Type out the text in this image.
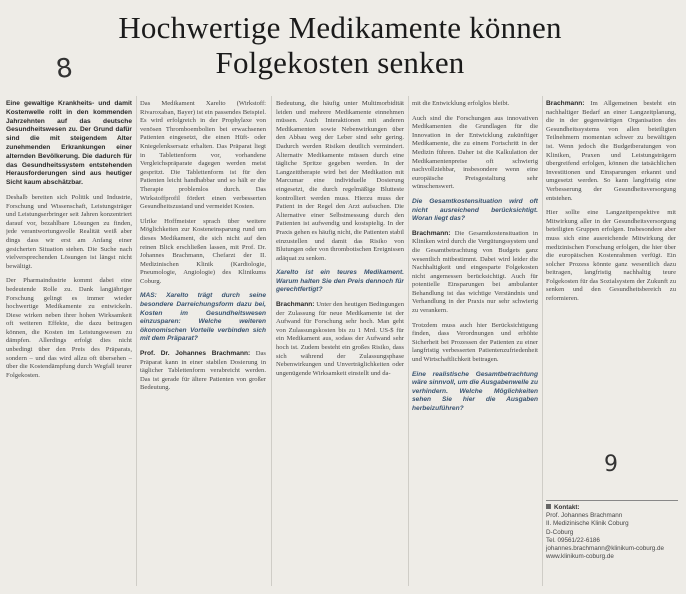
Hochwertige Medikamente können Folgekosten senken
8

Eine gewaltige Krankheits- und damit Kostenwelle rollt in den kommenden Jahrzehnten auf das deutsche Gesundheitswesen zu. Der Grund dafür sind die mit steigendem Alter zunehmenden Erkrankungen einer alternden Bevölkerung. Die dadurch für das Gesundheitssystem entstehenden Herausforderungen sind aus heutiger Sicht kaum abschätzbar.

Deshalb bereiten sich Politik und Industrie, Forschung und Wissenschaft, Leistungsträger und Leistungserbringer seit Jahren konzentriert darauf vor, bezahlbare Lösungen zu finden, jede verantwortungsvolle Realität weiß aber dings dass wir erst am Anfang einer gesicherten Situation stehen. Die Suche nach vielversprechenden Lösungen ist längst nicht bewältigt.

Der Pharmaindustrie kommt dabei eine bedeutende Rolle zu. Dank langjähriger Forschung gelingt es immer wieder hochwertige Medikamente zu entwickeln. Diese wirken neben ihrer hohen Wirksamkeit oft weiteren Effekte, die dazu beitragen können, die Kosten im Leistungswesen zu dämpfen. Allerdings erfolgt dies nicht unbedingt über den Preis des Präparats, sondern – und das wird allzu oft übersehen – über die Kostendämpfung durch Wegfall teurer Folgekosten.

Das Medikament Xarelto (Wirkstoff: Rivaroxaban, Bayer) ist ein passendes Beispiel. Es wird erfolgreich in der Prophylaxe von venösen Thromboembolien bei erwachsenen Patienten eingesetzt, die einen Hüft- oder Kniegelenksersatz erhalten. Das Präparat liegt in Tablettenform vor, vorhandene Vergleichspräparate dagegen werden meist gespritzt. Die Tablettenform ist für den Patienten leicht handhabbar und so hält er die Therapie problemlos durch. Das Wirkstoffprofil fördert einen verbesserten Gesundheitszustand und vermeidet Kosten.

Ulrike Hoffmeister sprach über weitere Möglichkeiten zur Kosteneinsparung rund um dieses Medikament, die sich nicht auf den reinen Blick erschließen lassen, mit Prof. Dr. Johannes Brachmann, Chefarzt der II. Medizinischen Klinik (Kardiologie, Pneumologie, Angiologie) des Klinikums Coburg.

MAS: Xarelto trägt durch seine besondere Darreichungsform dazu bei, Kosten im Gesundheitswesen einzusparen: Welche weiteren ökonomischen Vorteile verbinden sich mit dem Präparat?

Prof. Dr. Johannes Brachmann: Das Präparat kann in einer stabilen Dosierung in täglicher Tablettenform verabreicht werden. Das ist gerade für ältere Patienten von großer Bedeutung.

Bedeutung, die häufig unter Multimorbidität leiden und mehrere Medikamente einnehmen müssen. Auch Interaktionen mit anderen Medikamenten sowie Nebenwirkungen über den Abbau weg der Leber sind sehr gering. Dadurch werden Risiken deutlich vermindert. Alternativ Medikamente müssen durch eine tägliche Spritze gegeben werden. In der Langzeittherapie wird bei der Medikation mit Marcumar eine individuelle Dosierung eingesetzt, die durch regelmäßige Blutteste kontrolliert werden muss. Hierzu muss der Patient in der Regel den Arzt aufsuchen. Die Alternative einer Selbstmessung durch den Patienten ist aufwendig und kostspielig. In der Praxis gehen es häufig nicht, die Patienten stabil einzustellen und damit das Risiko von Blutungen oder von thrombotischen Ereignissen adäquat zu senken.

Xarelto ist ein teures Medikament. Warum halten Sie den Preis dennoch für gerechtfertigt?

Brachmann: Unter den heutigen Bedingungen der Zulassung für neue Medikamente ist der Aufwand für Forschung sehr hoch. Man geht von Zulassungskosten bis zu 1 Mrd. US-$ für ein Medikament aus, sodass der Aufwand sehr hoch ist. Zudem besteht ein großes Risiko, dass sich während der Zulassungsphase Nebenwirkungen und Unverträglichkeiten oder ungenügende Wirksamkeit einstellt und da-

mit die Entwicklung erfolglos bleibt.

Auch sind die Forschungen aus innovativen Medikamenten die Grundlagen für die Innovation in der Entwicklung zukünftiger Medikamente, die zu einem Fortschritt in der Medizin führen. Daher ist die Kalkulation der Medikamentenpreise oft schwierig nachvollziehbar, insbesondere wenn eine europäische Preisgestaltung sehr wünschenswert.

Die Gesamtkostensituation wird oft nicht ausreichend berücksichtigt. Woran liegt das?

Brachmann: Die Gesamtkostensituation in Kliniken wird durch die Vergütungssystem und die Gesamtbetrachtung von Budgets ganz wesentlich mitbestimmt. Dabei wird leider die Nachhaltigkeit und eingesparte Folgekosten nicht angemessen berücksichtigt. Auch für potentielle Einsparungen bei ambulanter Behandlung ist das wichtige Verständnis und Verhandlung in der Praxis nur sehr schwierig zu verankern.

Trotzdem muss auch hier Berücksichtigung finden, dass Verordnungen und erhöhte Sicherheit bei Prozessen der Patienten zu einer langfristig verbesserten Patientenzufriedenheit und Wirtschaftlichkeit beitragen.

Eine realistische Gesamtbetrachtung wäre sinnvoll, um die Ausgabenwelle zu verhindern. Welche Möglichkeiten sehen Sie hier die Ausgaben herbeizuführen?

Brachmann: Im Allgemeinen besteht ein nachhaltiger Bedarf an einer Langzeitplanung, die in der gegenwärtigen Organisation des Gesundheitssystems von allen beteiligten Teilnehmern momentan schwer zu bewältigen ist. Wenn jedoch die Budgetberatungen von Kliniken, Praxen und Leistungsträgern übergreifend erfolgen, können die tatsächlichen Investitionen und Einsparungen erkannt und umgesetzt werden. So kann langfristig eine Verbesserung der Gesundheitsversorgung entstehen.

Hier sollte eine Langzeitperspektive mit Mitwirkung aller in der Gesundheitsversorgung beteiligten Gruppen erfolgen. Insbesondere aber muss sich eine ausreichende Mitwirkung der medizinischen Forschung erfolgen, die hier über die europäischen Kostenrahmen verfügt. Ein solcher Prozess könnte ganz wesentlich dazu beitragen, langfristig nachhaltig teure Folgekosten für das Sozialsystem der Zukunft zu senken und den Gesundheitsbereich zu reformieren.

9
Kontakt:
Prof. Johannes Brachmann
II. Medizinische Klinik Coburg
D-Coburg
Tel. 09561/22-6186
johannes.brachmann@klinikum-coburg.de
www.klinikum-coburg.de
